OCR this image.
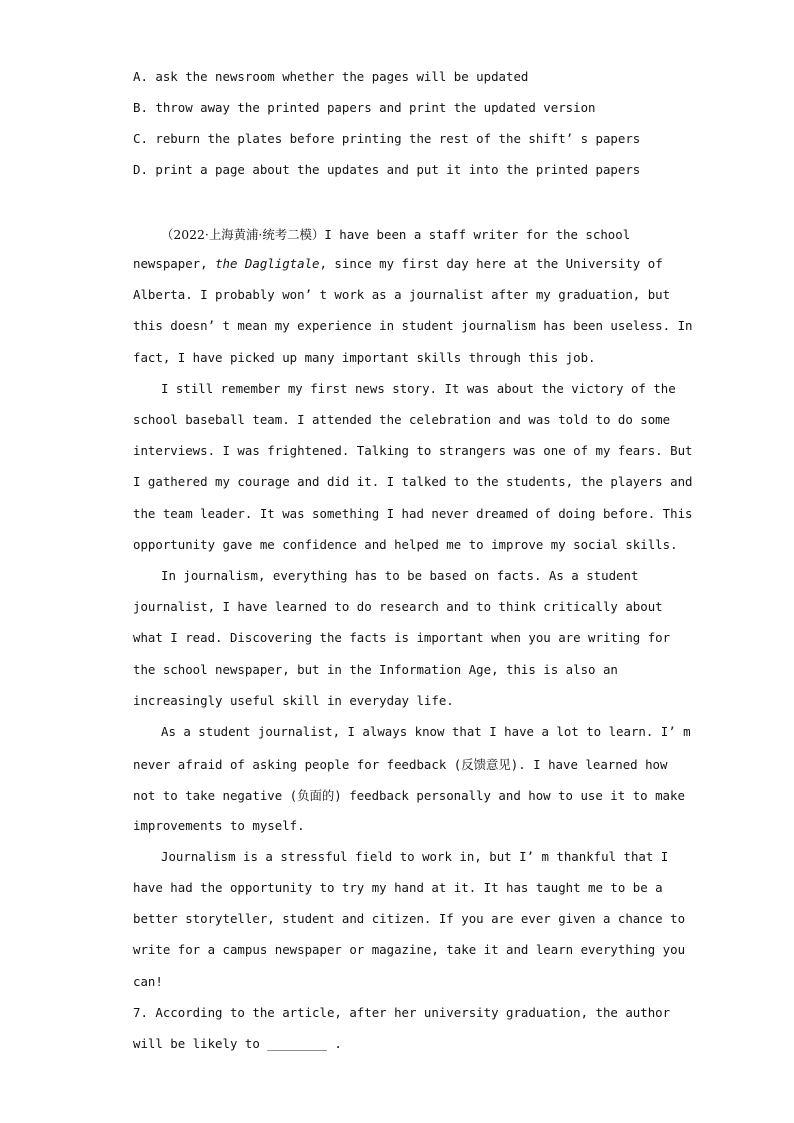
A. ask the newsroom whether the pages will be updated
B. throw away the printed papers and print the updated version
C. reburn the plates before printing the rest of the shift’ s papers
D. print a page about the updates and put it into the printed papers
（2022·上海黄浦·统考二模）I have been a staff writer for the school
newspaper, the Dagligtale, since my first day here at the University of
Alberta. I probably won’ t work as a journalist after my graduation, but
this doesn’ t mean my experience in student journalism has been useless. In
fact, I have picked up many important skills through this job.
I still remember my first news story. It was about the victory of the
school baseball team. I attended the celebration and was told to do some
interviews. I was frightened. Talking to strangers was one of my fears. But
I gathered my courage and did it. I talked to the students, the players and
the team leader. It was something I had never dreamed of doing before. This
opportunity gave me confidence and helped me to improve my social skills.
In journalism, everything has to be based on facts. As a student
journalist, I have learned to do research and to think critically about
what I read. Discovering the facts is important when you are writing for
the school newspaper, but in the Information Age, this is also an
increasingly useful skill in everyday life.
As a student journalist, I always know that I have a lot to learn. I’ m
never afraid of asking people for feedback (反馈意见). I have learned how
not to take negative (负面的) feedback personally and how to use it to make
improvements to myself.
Journalism is a stressful field to work in, but I’ m thankful that I
have had the opportunity to try my hand at it. It has taught me to be a
better storyteller, student and citizen. If you are ever given a chance to
write for a campus newspaper or magazine, take it and learn everything you
can!
7. According to the article, after her university graduation, the author
will be likely to ________ .
